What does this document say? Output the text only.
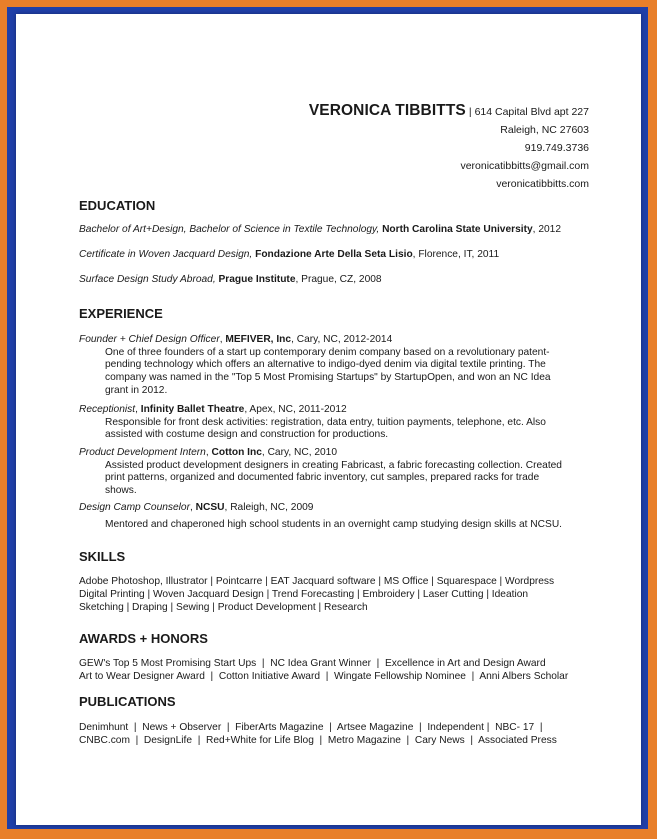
VERONICA TIBBITTS | 614 Capital Blvd apt 227
Raleigh, NC 27603
919.749.3736
veronicatibbitts@gmail.com
veronicatibbitts.com
EDUCATION
Bachelor of Art+Design, Bachelor of Science in Textile Technology, North Carolina State University, 2012
Certificate in Woven Jacquard Design, Fondazione Arte Della Seta Lisio, Florence, IT, 2011
Surface Design Study Abroad, Prague Institute, Prague, CZ, 2008
EXPERIENCE
Founder + Chief Design Officer, MEFIVER, Inc, Cary, NC, 2012-2014
One of three founders of a start up contemporary denim company based on a revolutionary patent-pending technology which offers an alternative to indigo-dyed denim via digital textile printing. The company was named in the "Top 5 Most Promising Startups" by StartupOpen, and won an NC Idea grant in 2012.
Receptionist, Infinity Ballet Theatre, Apex, NC, 2011-2012
Responsible for front desk activities: registration, data entry, tuition payments, telephone, etc. Also assisted with costume design and construction for productions.
Product Development Intern, Cotton Inc, Cary, NC, 2010
Assisted product development designers in creating Fabricast, a fabric forecasting collection. Created print patterns, organized and documented fabric inventory, cut samples, prepared racks for trade shows.
Design Camp Counselor, NCSU, Raleigh, NC, 2009
Mentored and chaperoned high school students in an overnight camp studying design skills at NCSU.
SKILLS
Adobe Photoshop, Illustrator | Pointcarre | EAT Jacquard software | MS Office | Squarespace | Wordpress
Digital Printing | Woven Jacquard Design | Trend Forecasting | Embroidery | Laser Cutting | Ideation
Sketching | Draping | Sewing | Product Development | Research
AWARDS + HONORS
GEW's Top 5 Most Promising Start Ups  |  NC Idea Grant Winner  |  Excellence in Art and Design Award
Art to Wear Designer Award  |  Cotton Initiative Award  |  Wingate Fellowship Nominee  |  Anni Albers Scholar
PUBLICATIONS
Denimhunt  |  News + Observer  |  FiberArts Magazine  |  Artsee Magazine  |  Independent |  NBC- 17  |
CNBC.com  |  DesignLife  |  Red+White for Life Blog  |  Metro Magazine  |  Cary News  |  Associated Press
